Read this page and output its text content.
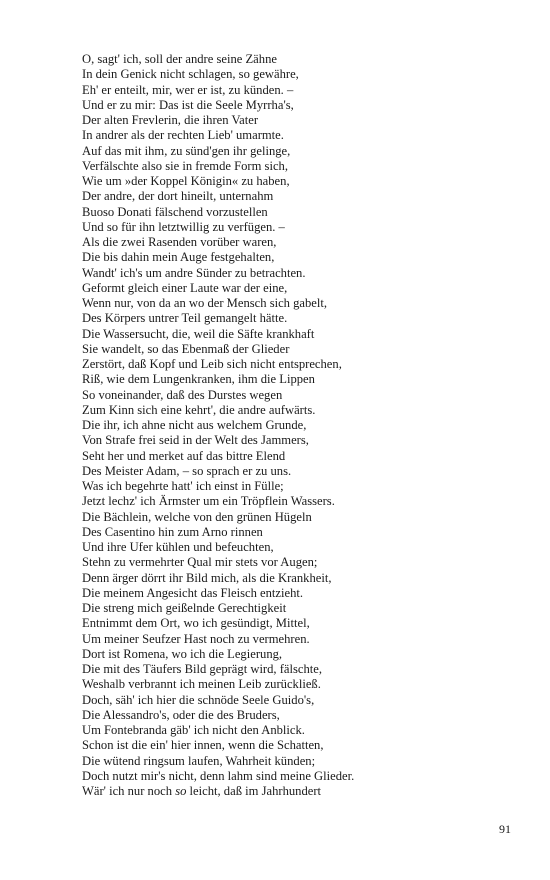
O, sagt' ich, soll der andre seine Zähne
In dein Genick nicht schlagen, so gewähre,
Eh' er enteilt, mir, wer er ist, zu künden. –
Und er zu mir: Das ist die Seele Myrrha's,
Der alten Frevlerin, die ihren Vater
In andrer als der rechten Lieb' umarmte.
Auf das mit ihm, zu sünd'gen ihr gelinge,
Verfälschte also sie in fremde Form sich,
Wie um »der Koppel Königin« zu haben,
Der andre, der dort hineilt, unternahm
Buoso Donati fälschend vorzustellen
Und so für ihn letztwillig zu verfügen. –
Als die zwei Rasenden vorüber waren,
Die bis dahin mein Auge festgehalten,
Wandt' ich's um andre Sünder zu betrachten.
Geformt gleich einer Laute war der eine,
Wenn nur, von da an wo der Mensch sich gabelt,
Des Körpers untrer Teil gemangelt hätte.
Die Wassersucht, die, weil die Säfte krankhaft
Sie wandelt, so das Ebenmaß der Glieder
Zerstört, daß Kopf und Leib sich nicht entsprechen,
Riß, wie dem Lungenkranken, ihm die Lippen
So voneinander, daß des Durstes wegen
Zum Kinn sich eine kehrt', die andre aufwärts.
Die ihr, ich ahne nicht aus welchem Grunde,
Von Strafe frei seid in der Welt des Jammers,
Seht her und merket auf das bittre Elend
Des Meister Adam, – so sprach er zu uns.
Was ich begehrte hatt' ich einst in Fülle;
Jetzt lechz' ich Ärmster um ein Tröpflein Wassers.
Die Bächlein, welche von den grünen Hügeln
Des Casentino hin zum Arno rinnen
Und ihre Ufer kühlen und befeuchten,
Stehn zu vermehrter Qual mir stets vor Augen;
Denn ärger dörrt ihr Bild mich, als die Krankheit,
Die meinem Angesicht das Fleisch entzieht.
Die streng mich geißelnde Gerechtigkeit
Entnimmt dem Ort, wo ich gesündigt, Mittel,
Um meiner Seufzer Hast noch zu vermehren.
Dort ist Romena, wo ich die Legierung,
Die mit des Täufers Bild geprägt wird, fälschte,
Weshalb verbrannt ich meinen Leib zurückließ.
Doch, säh' ich hier die schnöde Seele Guido's,
Die Alessandro's, oder die des Bruders,
Um Fontebranda gäb' ich nicht den Anblick.
Schon ist die ein' hier innen, wenn die Schatten,
Die wütend ringsum laufen, Wahrheit künden;
Doch nutzt mir's nicht, denn lahm sind meine Glieder.
Wär' ich nur noch so leicht, daß im Jahrhundert
91
